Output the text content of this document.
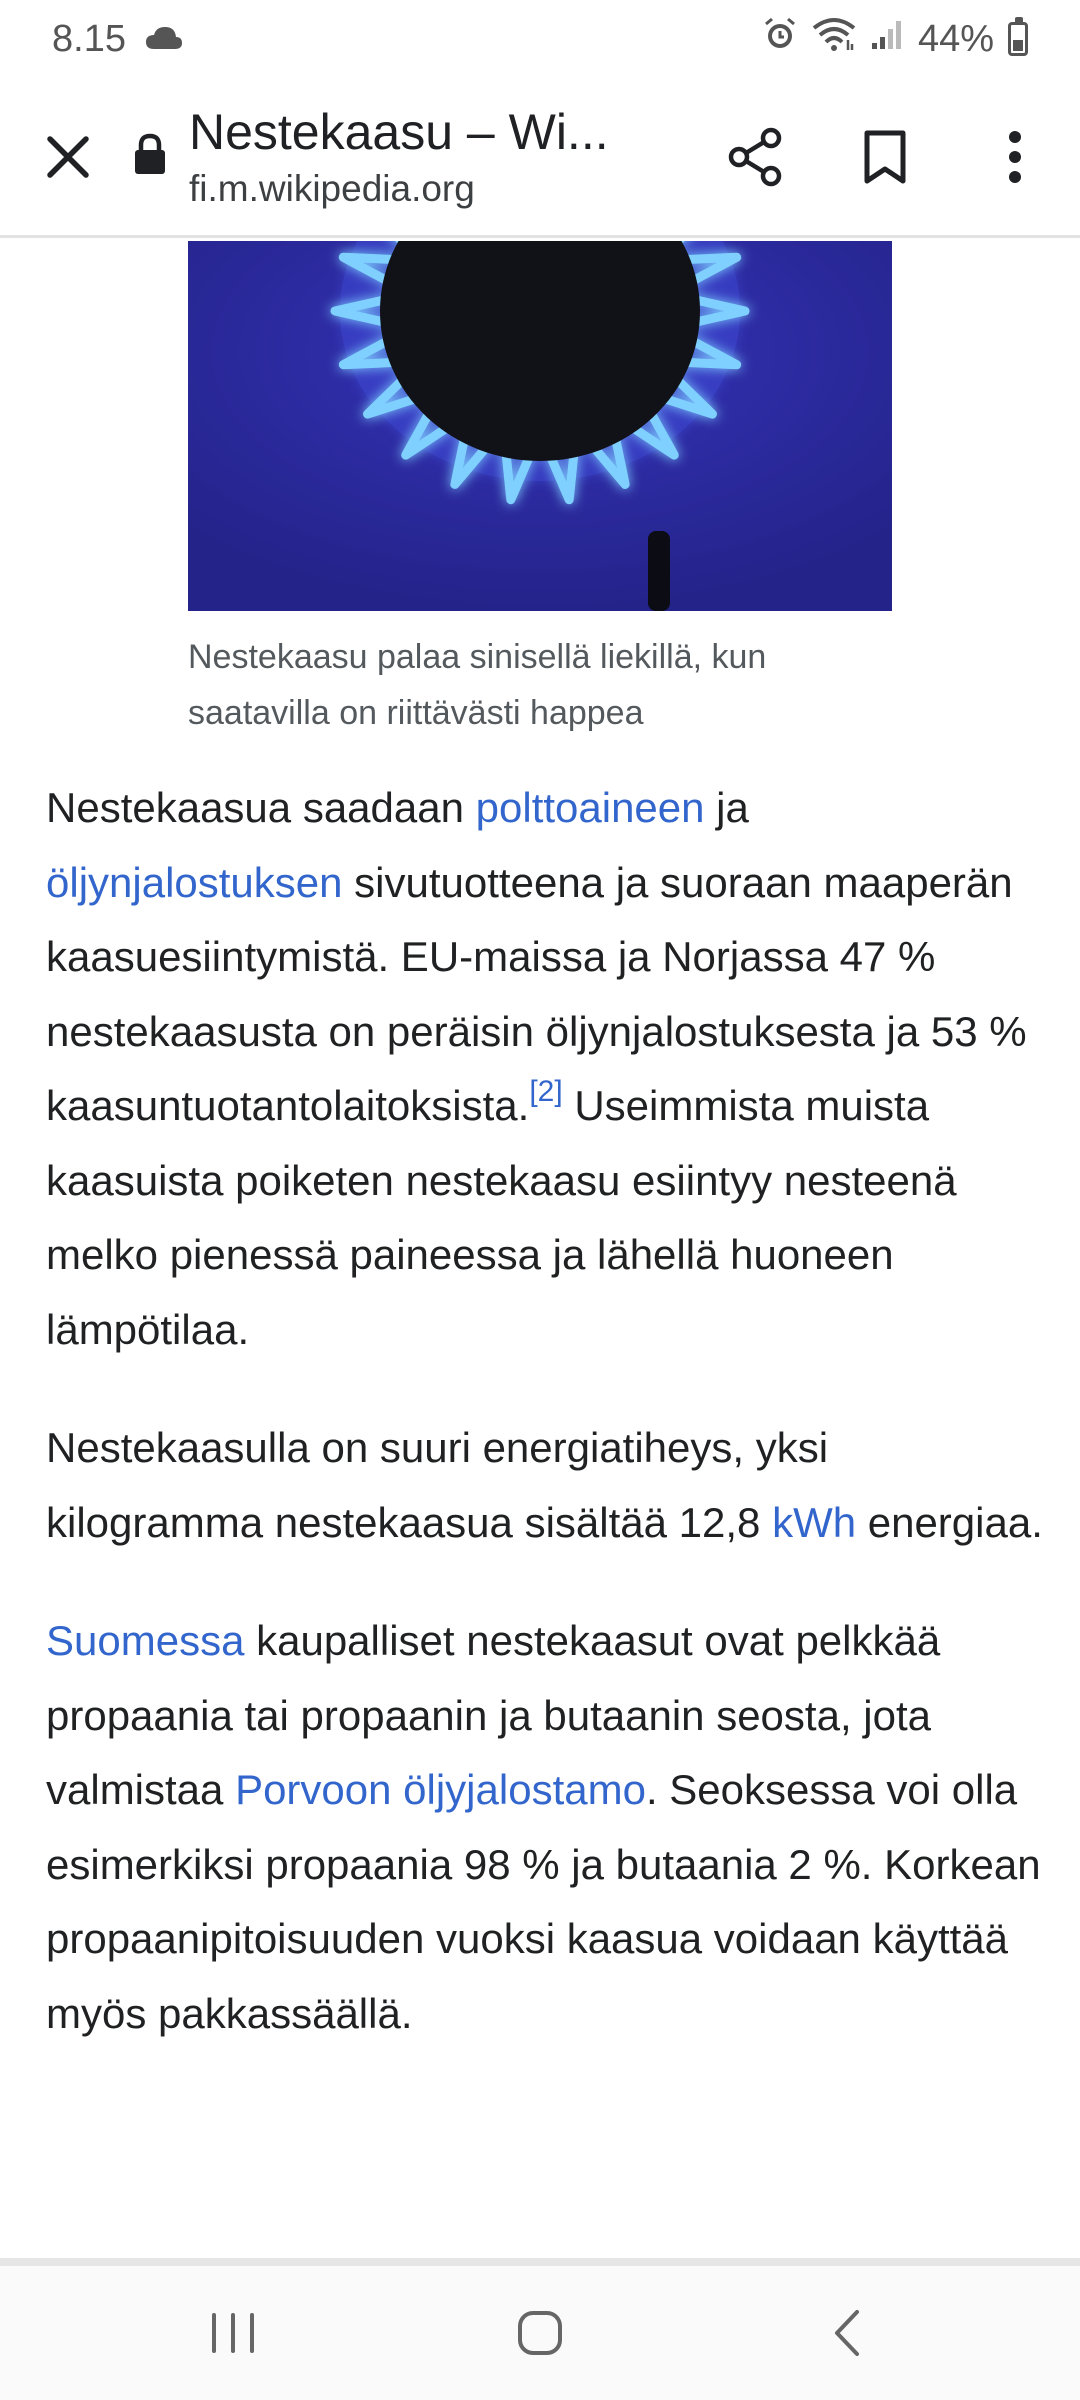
8.15	44%
Nestekaasu – Wi...
fi.m.wikipedia.org
Nestekaasu palaa sinisellä liekillä, kun saatavilla on riittävästi happea

Nestekaasua saadaan polttoaineen ja öljynjalostuksen sivutuotteena ja suoraan maaperän kaasuesiintymistä. EU-maissa ja Norjassa 47 % nestekaasusta on peräisin öljynjalostuksesta ja 53 % kaasuntuotantolaitoksista.[2] Useimmista muista kaasuista poiketen nestekaasu esiintyy nesteenä melko pienessä paineessa ja lähellä huoneen lämpötilaa.

Nestekaasulla on suuri energiatiheys, yksi kilogramma nestekaasua sisältää 12,8 kWh energiaa.

Suomessa kaupalliset nestekaasut ovat pelkkää propaania tai propaanin ja butaanin seosta, jota valmistaa Porvoon öljyjalostamo. Seoksessa voi olla esimerkiksi propaania 98 % ja butaania 2 %. Korkean propaanipitoisuuden vuoksi kaasua voidaan käyttää myös pakkassäällä.
